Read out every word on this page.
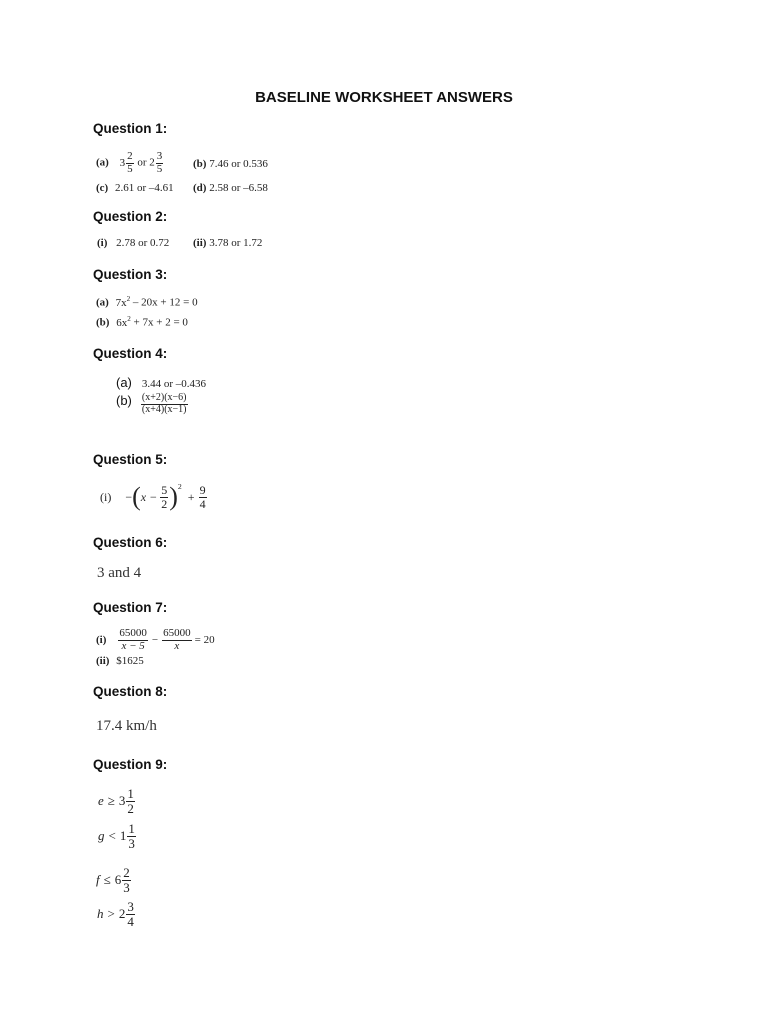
BASELINE WORKSHEET ANSWERS
Question 1:
(a) $3 \frac{2}{5}$ or $2 \frac{3}{5}$	(b) 7.46 or 0.536
(c) 2.61 or –4.61 (d) 2.58 or –6.58
Question 2:
(i) 2.78 or 0.72 (ii) 3.78 or 1.72
Question 3:
(a) $7x^2 - 20x + 12 = 0$
(b) $6x^2 + 7x + 2 = 0$
Question 4:
(a) 3.44 or –0.436
$(b) \frac{(x+2)(x-6)}{(x+4)(x-1)}$
Question 5:
(i) − ( $x - \frac{5}{2} )^2$
+ $\frac{9}{4}$
Question 6:
3 and 4
Question 7:
$(i) \frac{65000}{x - 5} - \frac{65000}{x} = 20$
(ii) $1625
Question 8:
17.4 km/h
Question 9:
$e \ge 3 \frac{1}{2}$
$g < 1 \frac{1}{3}$
$f \le 6 \frac{2}{3}$
$h > 2 \frac{3}{4}$
